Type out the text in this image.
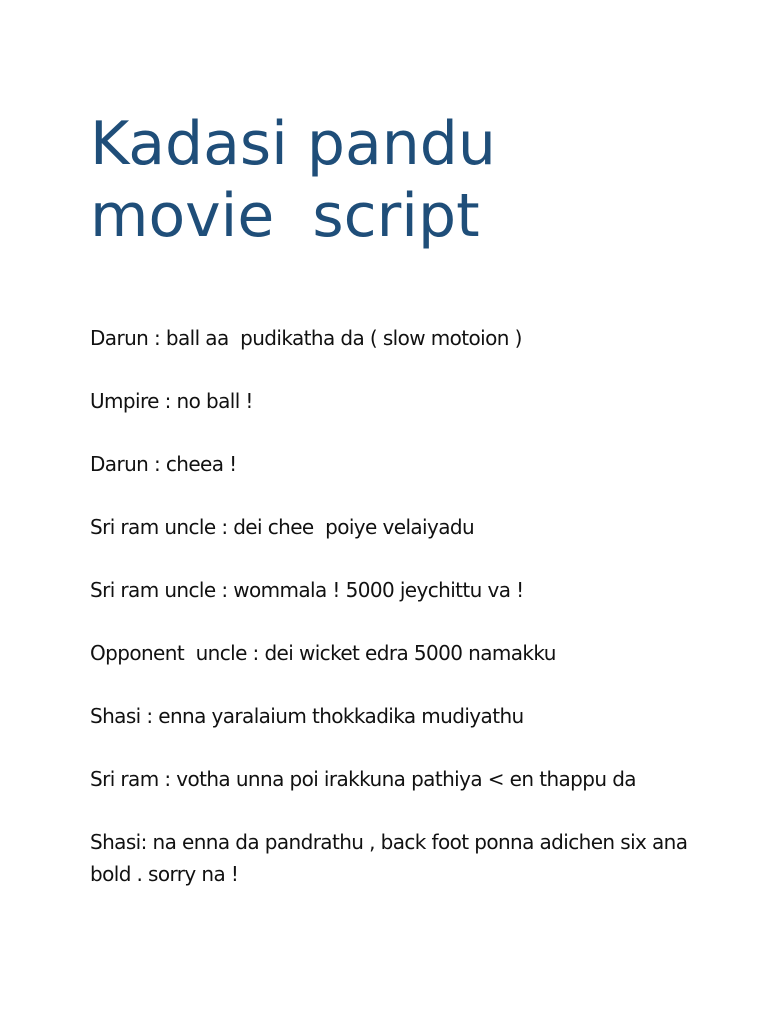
Kadasi pandu
movie  script
Darun : ball aa  pudikatha da ( slow motoion )
Umpire : no ball !
Darun : cheea !
Sri ram uncle : dei chee  poiye velaiyadu
Sri ram uncle : wommala ! 5000 jeychittu va !
Opponent  uncle : dei wicket edra 5000 namakku
Shasi : enna yaralaium thokkadika mudiyathu
Sri ram : votha unna poi irakkuna pathiya < en thappu da
Shasi: na enna da pandrathu , back foot ponna adichen six ana bold . sorry na !
